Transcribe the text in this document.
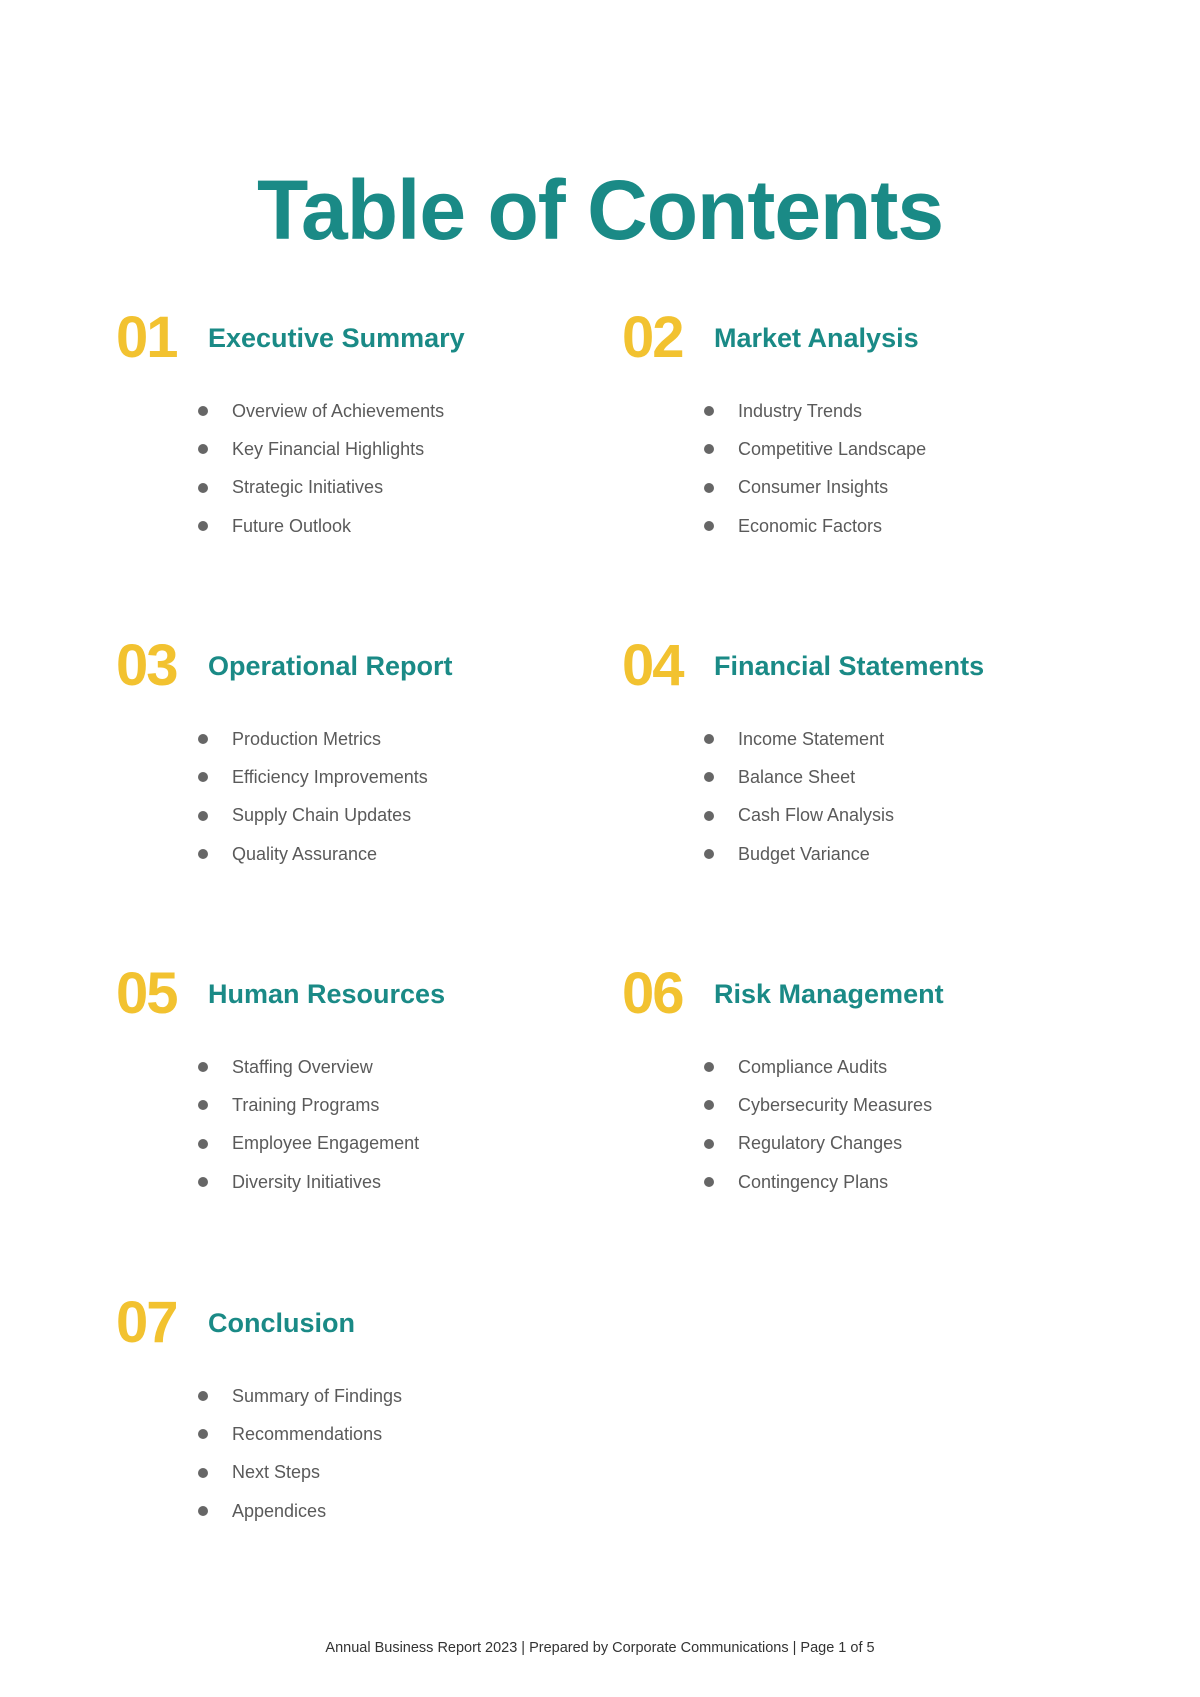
Table of Contents
01	Executive Summary
Overview of Achievements
Key Financial Highlights
Strategic Initiatives
Future Outlook
02	Market Analysis
Industry Trends
Competitive Landscape
Consumer Insights
Economic Factors
03	Operational Report
Production Metrics
Efficiency Improvements
Supply Chain Updates
Quality Assurance
04	Financial Statements
Income Statement
Balance Sheet
Cash Flow Analysis
Budget Variance
05	Human Resources
Staffing Overview
Training Programs
Employee Engagement
Diversity Initiatives
06	Risk Management
Compliance Audits
Cybersecurity Measures
Regulatory Changes
Contingency Plans
07	Conclusion
Summary of Findings
Recommendations
Next Steps
Appendices
Annual Business Report 2023 | Prepared by Corporate Communications | Page 1 of 5
